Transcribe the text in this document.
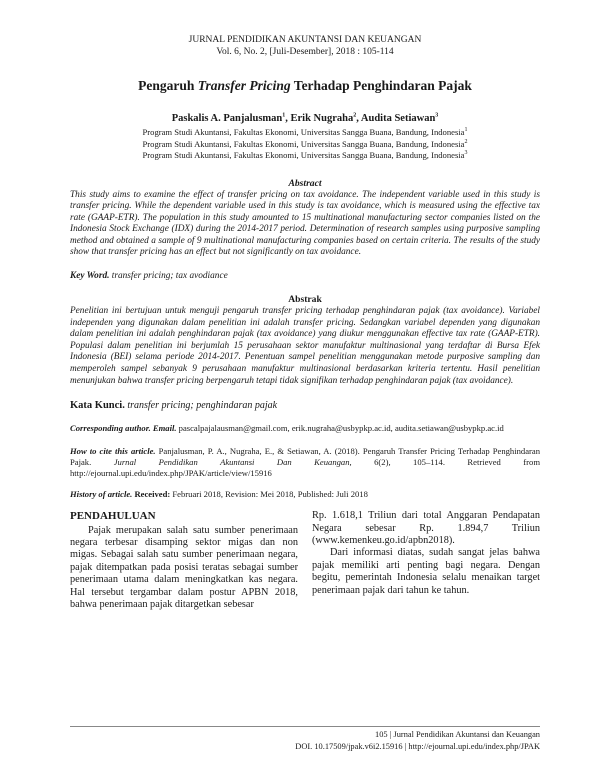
JURNAL PENDIDIKAN AKUNTANSI DAN KEUANGAN
Vol. 6, No. 2, [Juli-Desember], 2018 : 105-114
Pengaruh Transfer Pricing Terhadap Penghindaran Pajak
Paskalis A. Panjalusman$^1$, Erik Nugraha$^2$, Audita Setiawan$^3$
Program Studi Akuntansi, Fakultas Ekonomi, Universitas Sangga Buana, Bandung, Indonesia$^1$
Program Studi Akuntansi, Fakultas Ekonomi, Universitas Sangga Buana, Bandung, Indonesia$^2$
Program Studi Akuntansi, Fakultas Ekonomi, Universitas Sangga Buana, Bandung, Indonesia$^3$
Abstract
This study aims to examine the effect of transfer pricing on tax avoidance. The independent variable used in this study is transfer pricing. While the dependent variable used in this study is tax avoidance, which is measured using the effective tax rate (GAAP-ETR). The population in this study amounted to 15 multinational manufacturing sector companies listed on the Indonesia Stock Exchange (IDX) during the 2014-2017 period. Determination of research samples using purposive sampling method and obtained a sample of 9 multinational manufacturing companies based on certain criteria. The results of the study show that transfer pricing has an effect but not significantly on tax avoidance.
Key Word. transfer pricing; tax avodiance
Abstrak
Penelitian ini bertujuan untuk menguji pengaruh transfer pricing terhadap penghindaran pajak (tax avoidance). Variabel independen yang digunakan dalam penelitian ini adalah transfer pricing. Sedangkan variabel dependen yang digunakan dalam penelitian ini adalah penghindaran pajak (tax avoidance) yang diukur menggunakan effective tax rate (GAAP-ETR). Populasi dalam penelitian ini berjumlah 15 perusahaan sektor manufaktur multinasional yang terdaftar di Bursa Efek Indonesia (BEI) selama periode 2014-2017. Penentuan sampel penelitian menggunakan metode purposive sampling dan memperoleh sampel sebanyak 9 perusahaan manufaktur multinasional berdasarkan kriteria tertentu. Hasil penelitian menunjukan bahwa transfer pricing berpengaruh tetapi tidak signifikan terhadap penghindaran pajak (tax avoidance).
Kata Kunci. transfer pricing; penghindaran pajak
Corresponding author. Email. pascalpajalausman@gmail.com, erik.nugraha@usbypkp.ac.id, audita.setiawan@usbypkp.ac.id
How to cite this article. Panjalusman, P. A., Nugraha, E., & Setiawan, A. (2018). Pengaruh Transfer Pricing Terhadap Penghindaran Pajak. Jurnal Pendidikan Akuntansi Dan Keuangan, 6(2), 105–114. Retrieved from http://ejournal.upi.edu/index.php/JPAK/article/view/15916
History of article. Received: Februari 2018, Revision: Mei 2018, Published: Juli 2018
PENDAHULUAN

Pajak merupakan salah satu sumber penerimaan negara terbesar disamping sektor migas dan non migas. Sebagai salah satu sumber penerimaan negara, pajak ditempatkan pada posisi teratas sebagai sumber penerimaan utama dalam meningkatkan kas negara. Hal tersebut tergambar dalam postur APBN 2018, bahwa penerimaan pajak ditargetkan sebesar

Rp. 1.618,1 Triliun dari total Anggaran Pendapatan Negara sebesar Rp. 1.894,7 Triliun (www.kemenkeu.go.id/apbn2018).

Dari informasi diatas, sudah sangat jelas bahwa pajak memiliki arti penting bagi negara. Dengan begitu, pemerintah Indonesia selalu menaikan target penerimaan pajak dari tahun ke tahun.

105 | Jurnal Pendidikan Akuntansi dan Keuangan
DOI. 10.17509/jpak.v6i2.15916 | http://ejournal.upi.edu/index.php/JPAK
